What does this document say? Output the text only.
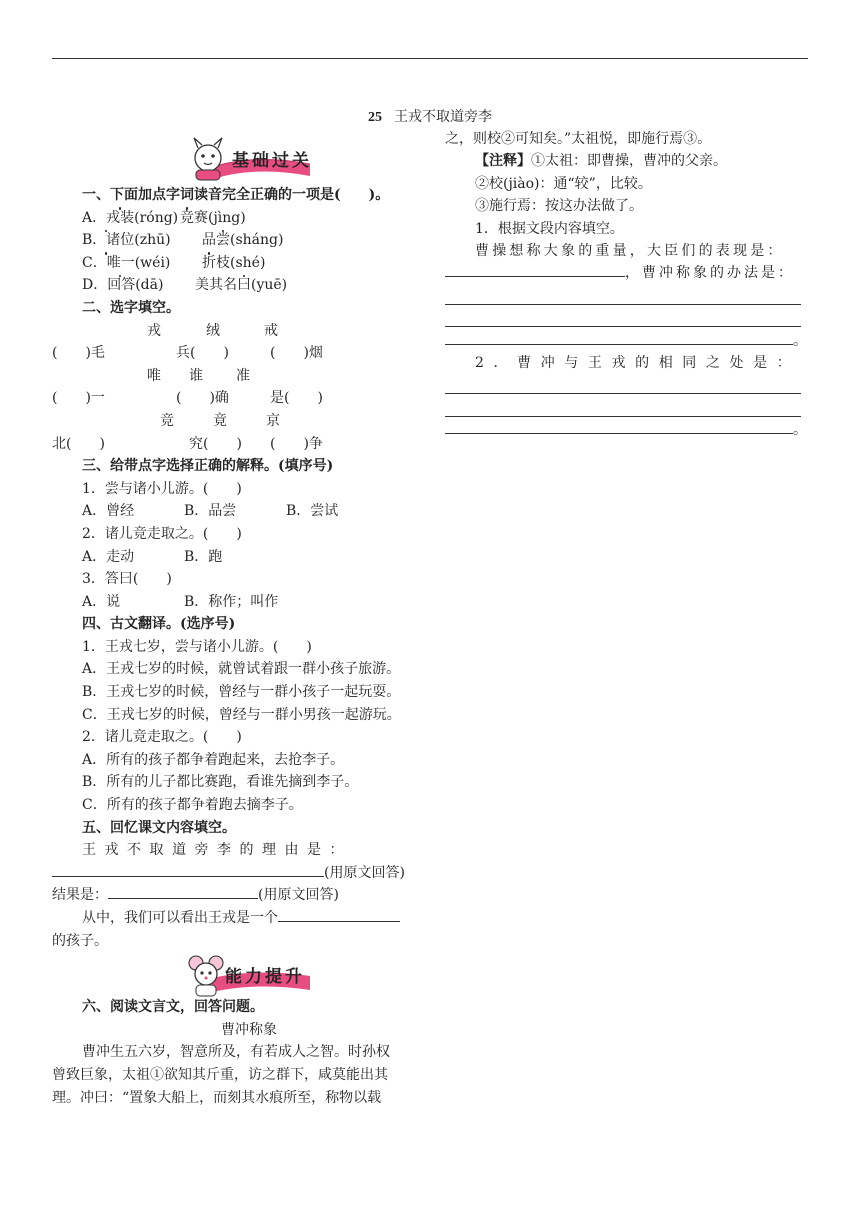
25 王戎不取道旁李
基础过关
一、下面加点字词读音完全正确的一项是(　　)。
A．戎装(róng) 竞赛(jìng)
B．诸位(zhū) 品尝(sháng)
C．唯一(wéi) 折枝(shé)
D．回答(dā) 美其名曰(yuē)
二、选字填空。
戎	绒	戒
(　　)毛	兵(　　)	(　　)烟
唯 谁 准
(　　)一	(　　)确	是(　　)
竞	竟	京
北(　　)	究(　　) (　　)争
三、给带点字选择正确的解释。(填序号)
1．尝与诸小儿游。(　　)
A．曾经	B．品尝	B．尝试
2．诸儿竞走取之。(　　)
A．走动	B．跑
3．答曰(　　)
A．说	B．称作；叫作
四、古文翻译。(选序号)
1．王戎七岁，尝与诸小儿游。(　　)
A．王戎七岁的时候，就曾试着跟一群小孩子旅游。
B．王戎七岁的时候，曾经与一群小孩子一起玩耍。
C．王戎七岁的时候，曾经与一群小男孩一起游玩。
2．诸儿竞走取之。(　　)
A．所有的孩子都争着跑起来，去抢李子。
B．所有的儿子都比赛跑，看谁先摘到李子。
C．所有的孩子都争着跑去摘李子。
五、回忆课文内容填空。
王戎不取道旁李的理由是：
(用原文回答)
结果是：	(用原文回答)
从中，我们可以看出王戎是一个
的孩子。
能力提升
六、阅读文言文，回答问题。
曹冲称象
曹冲生五六岁，智意所及，有若成人之智。时孙权
曾致巨象，太祖①欲知其斤重，访之群下，咸莫能出其
理。冲曰：“置象大船上，而刻其水痕所至，称物以载
之，则校②可知矣。”太祖悦，即施行焉③。
【注释】①太祖：即曹操，曹冲的父亲。
②校(jiào)：通“较”，比较。
③施行焉：按这办法做了。
1．根据文段内容填空。
曹操想称大象的重量，大臣们的表现是：
，曹冲称象的办法是：
。
2．曹冲与王戎的相同之处是：
。
